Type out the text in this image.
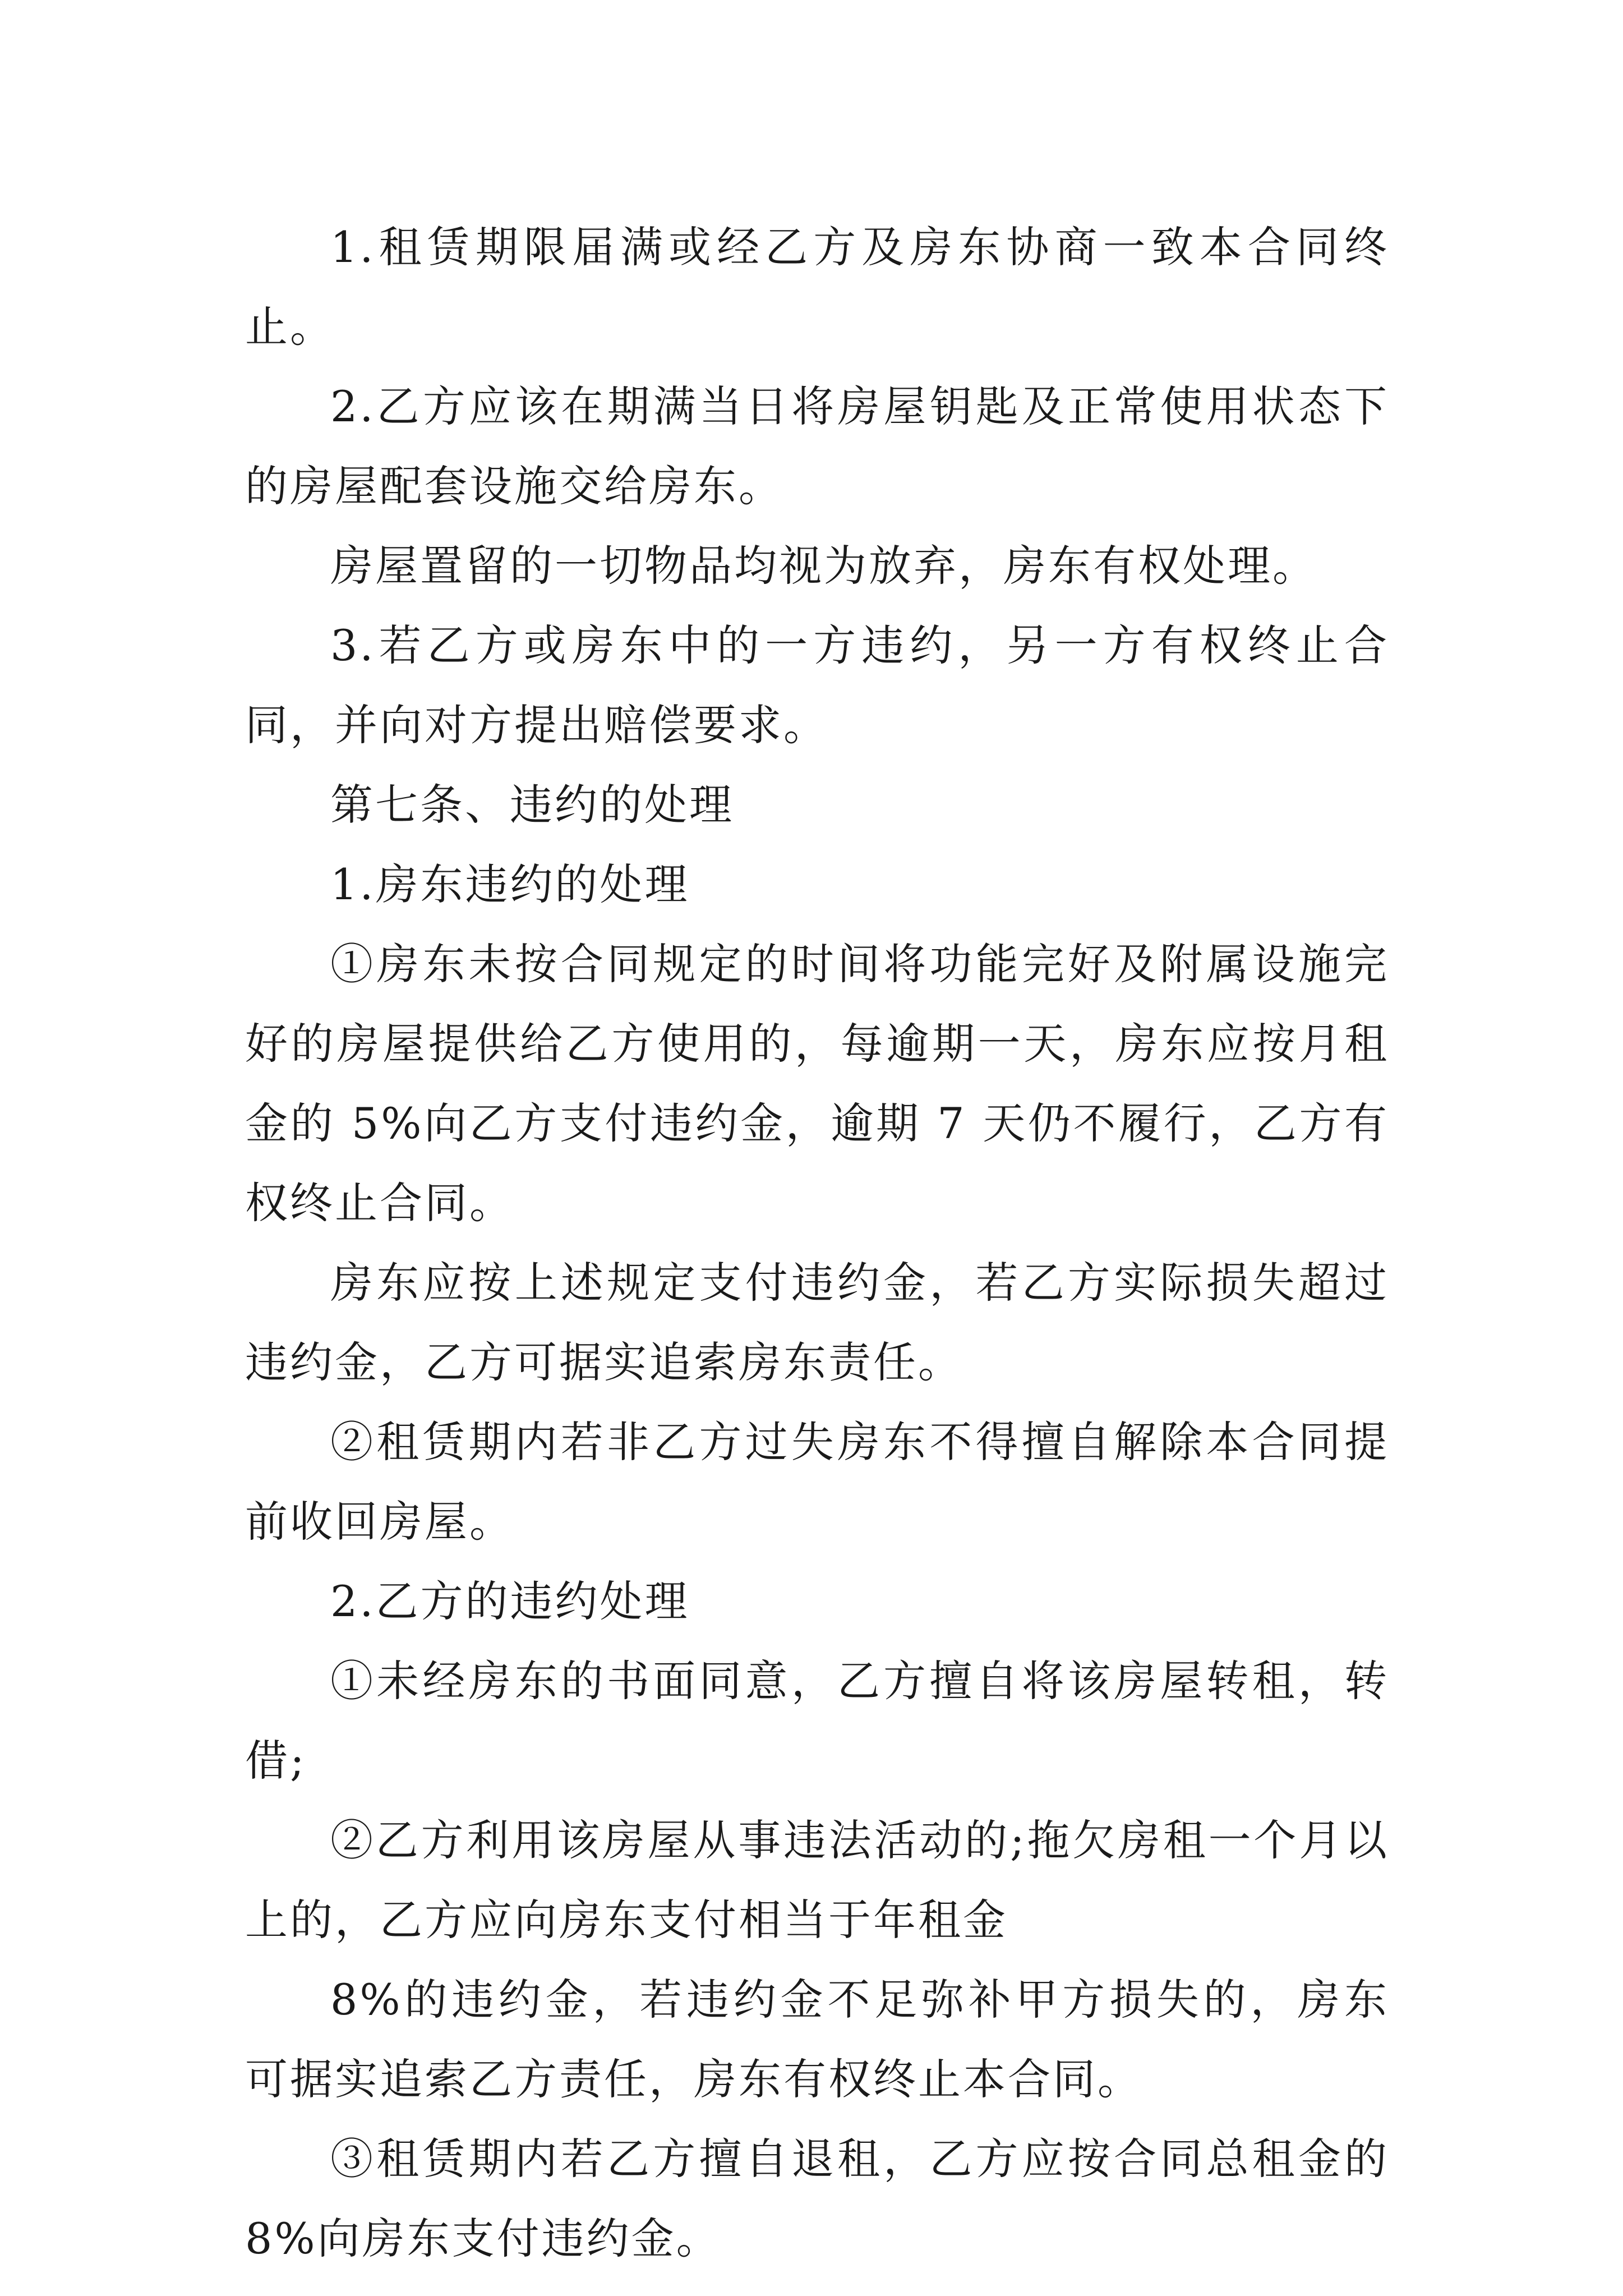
1.租赁期限届满或经乙方及房东协商一致本合同终止。

2.乙方应该在期满当日将房屋钥匙及正常使用状态下的房屋配套设施交给房东。

房屋置留的一切物品均视为放弃，房东有权处理。

3.若乙方或房东中的一方违约，另一方有权终止合同，并向对方提出赔偿要求。

第七条、违约的处理

1.房东违约的处理

①房东未按合同规定的时间将功能完好及附属设施完好的房屋提供给乙方使用的，每逾期一天，房东应按月租金的 5%向乙方支付违约金，逾期 7 天仍不履行，乙方有权终止合同。

房东应按上述规定支付违约金，若乙方实际损失超过违约金，乙方可据实追索房东责任。

②租赁期内若非乙方过失房东不得擅自解除本合同提前收回房屋。

2.乙方的违约处理

①未经房东的书面同意，乙方擅自将该房屋转租，转借;

②乙方利用该房屋从事违法活动的;拖欠房租一个月以上的，乙方应向房东支付相当于年租金

8%的违约金，若违约金不足弥补甲方损失的，房东可据实追索乙方责任，房东有权终止本合同。

③租赁期内若乙方擅自退租，乙方应按合同总租金的 8%向房东支付违约金。
